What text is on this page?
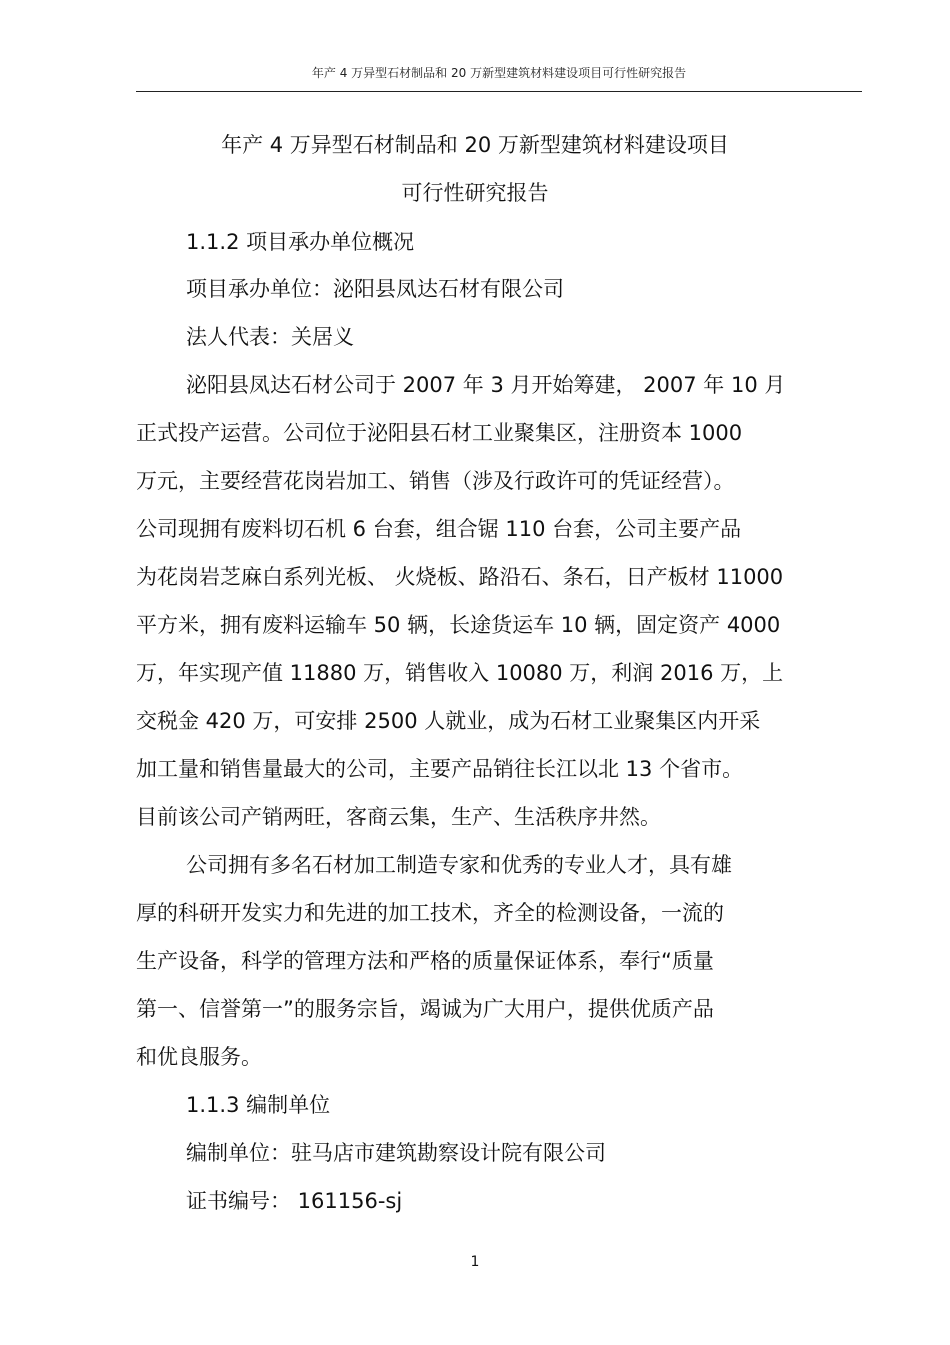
年产 4 万异型石材制品和 20 万新型建筑材料建设项目可行性研究报告
年产 4 万异型石材制品和 20 万新型建筑材料建设项目
可行性研究报告
1.1.2 项目承办单位概况
项目承办单位：泌阳县凤达石材有限公司
法人代表：关居义
泌阳县凤达石材公司于 2007 年 3 月开始筹建， 2007 年 10 月
正式投产运营。公司位于泌阳县石材工业聚集区，注册资本 1000
万元，主要经营花岗岩加工、销售（涉及行政许可的凭证经营）。
公司现拥有废料切石机 6 台套，组合锯 110 台套，公司主要产品
为花岗岩芝麻白系列光板、 火烧板、路沿石、条石，日产板材 11000
平方米，拥有废料运输车 50 辆，长途货运车 10 辆，固定资产 4000
万，年实现产值 11880 万，销售收入 10080 万，利润 2016 万，上
交税金 420 万，可安排 2500 人就业，成为石材工业聚集区内开采
加工量和销售量最大的公司，主要产品销往长江以北 13 个省市。
目前该公司产销两旺，客商云集，生产、生活秩序井然。
公司拥有多名石材加工制造专家和优秀的专业人才，具有雄
厚的科研开发实力和先进的加工技术，齐全的检测设备，一流的
生产设备，科学的管理方法和严格的质量保证体系，奉行“质量
第一、信誉第一”的服务宗旨，竭诚为广大用户，提供优质产品
和优良服务。
1.1.3 编制单位
编制单位：驻马店市建筑勘察设计院有限公司
证书编号： 161156-sj
1
